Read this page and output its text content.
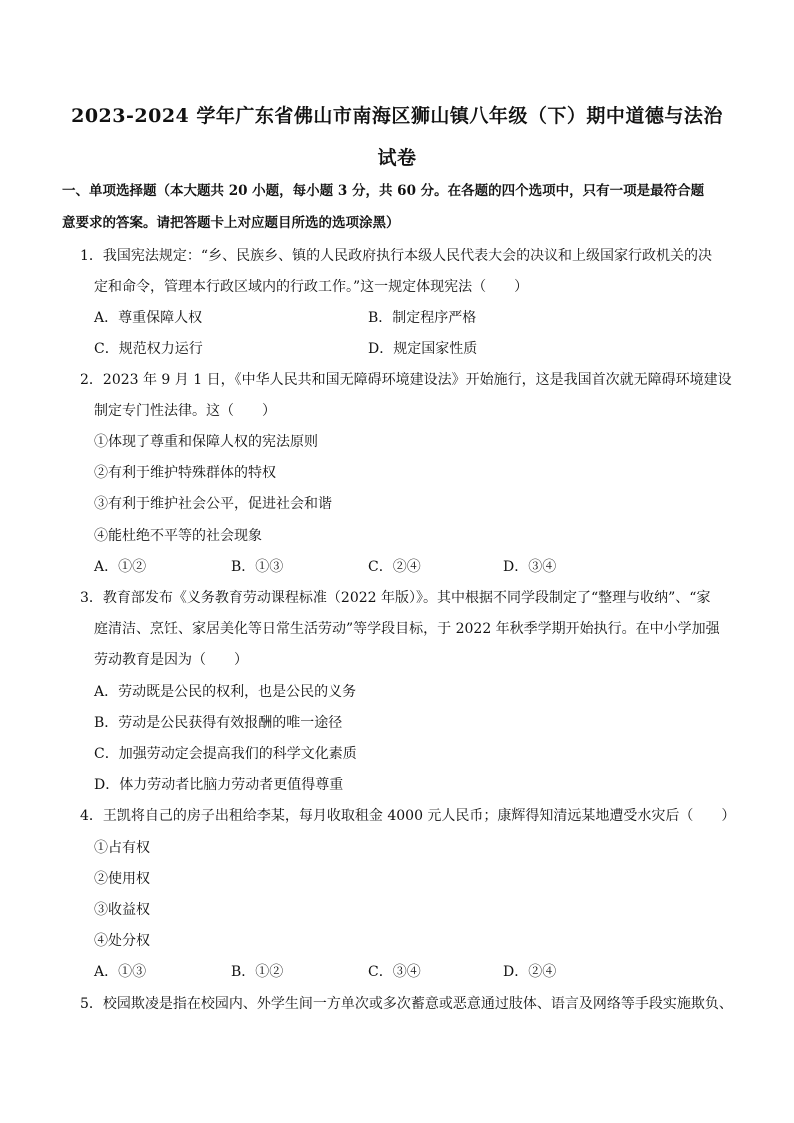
2023-2024 学年广东省佛山市南海区狮山镇八年级（下）期中道德与法治
试卷
一、单项选择题（本大题共 20 小题，每小题 3 分，共 60 分。在各题的四个选项中，只有一项是最符合题
意要求的答案。请把答题卡上对应题目所选的选项涂黑）
1．我国宪法规定：“乡、民族乡、镇的人民政府执行本级人民代表大会的决议和上级国家行政机关的决
定和命令，管理本行政区域内的行政工作。”这一规定体现宪法（　　）
A．尊重保障人权	B．制定程序严格
C．规范权力运行	D．规定国家性质
2．2023 年 9 月 1 日，《中华人民共和国无障碍环境建设法》开始施行，这是我国首次就无障碍环境建设
制定专门性法律。这（　　）
①体现了尊重和保障人权的宪法原则
②有利于维护特殊群体的特权
③有利于维护社会公平，促进社会和谐
④能杜绝不平等的社会现象
A．①②	B．①③	C．②④	D．③④
3．教育部发布《义务教育劳动课程标准（2022 年版）》。其中根据不同学段制定了“整理与收纳”、“家
庭清洁、烹饪、家居美化等日常生活劳动”等学段目标，于 2022 年秋季学期开始执行。在中小学加强
劳动教育是因为（　　）
A．劳动既是公民的权利，也是公民的义务
B．劳动是公民获得有效报酬的唯一途径
C．加强劳动定会提高我们的科学文化素质
D．体力劳动者比脑力劳动者更值得尊重
4．王凯将自己的房子出租给李某，每月收取租金 4000 元人民币；康辉得知清远某地遭受水灾后（　　）
①占有权
②使用权
③收益权
④处分权
A．①③	B．①②	C．③④	D．②④
5．校园欺凌是指在校园内、外学生间一方单次或多次蓄意或恶意通过肢体、语言及网络等手段实施欺负、
